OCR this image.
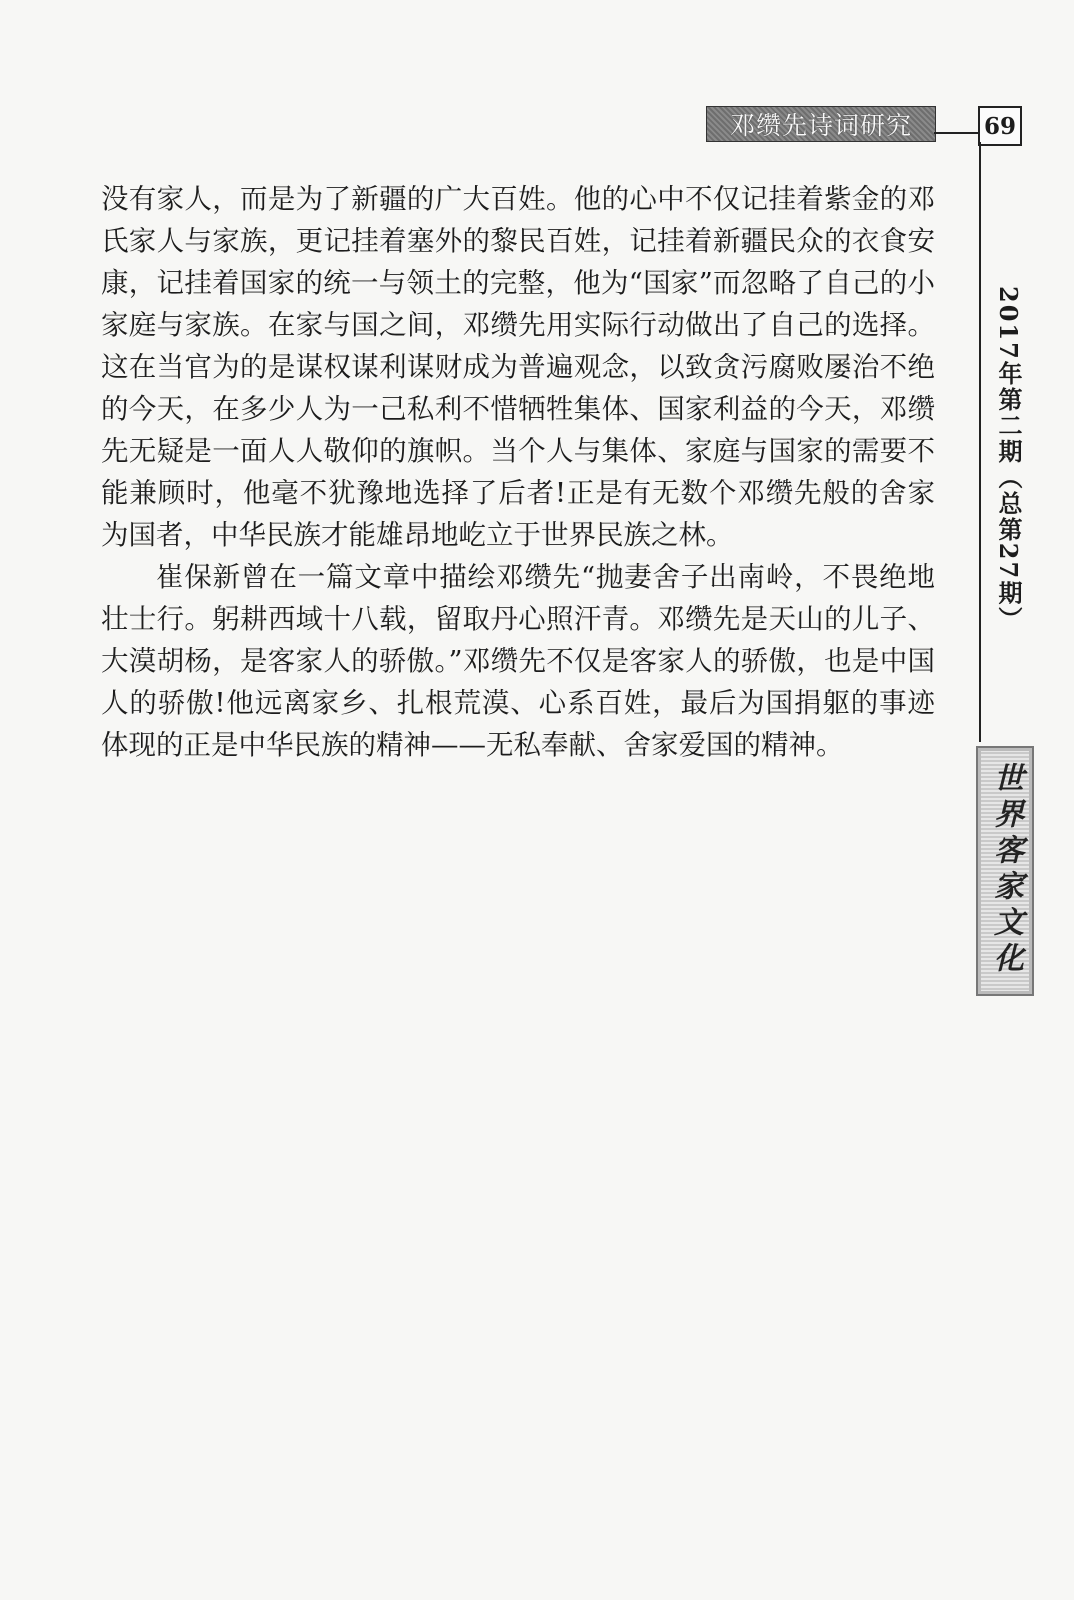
邓缵先诗词研究	69
2017年第二期（总第27期）
世界客家文化

没有家人，而是为了新疆的广大百姓。他的心中不仅记挂着紫金的邓氏家人与家族，更记挂着塞外的黎民百姓，记挂着新疆民众的衣食安康，记挂着国家的统一与领土的完整，他为“国家”而忽略了自己的小家庭与家族。在家与国之间，邓缵先用实际行动做出了自己的选择。这在当官为的是谋权谋利谋财成为普遍观念，以致贪污腐败屡治不绝的今天，在多少人为一己私利不惜牺牲集体、国家利益的今天，邓缵先无疑是一面人人敬仰的旗帜。当个人与集体、家庭与国家的需要不能兼顾时，他毫不犹豫地选择了后者!正是有无数个邓缵先般的舍家为国者，中华民族才能雄昂地屹立于世界民族之林。

崔保新曾在一篇文章中描绘邓缵先“抛妻舍子出南岭，不畏绝地壮士行。躬耕西域十八载，留取丹心照汗青。邓缵先是天山的儿子、大漠胡杨，是客家人的骄傲。”邓缵先不仅是客家人的骄傲，也是中国人的骄傲!他远离家乡、扎根荒漠、心系百姓，最后为国捐躯的事迹体现的正是中华民族的精神——无私奉献、舍家爱国的精神。
